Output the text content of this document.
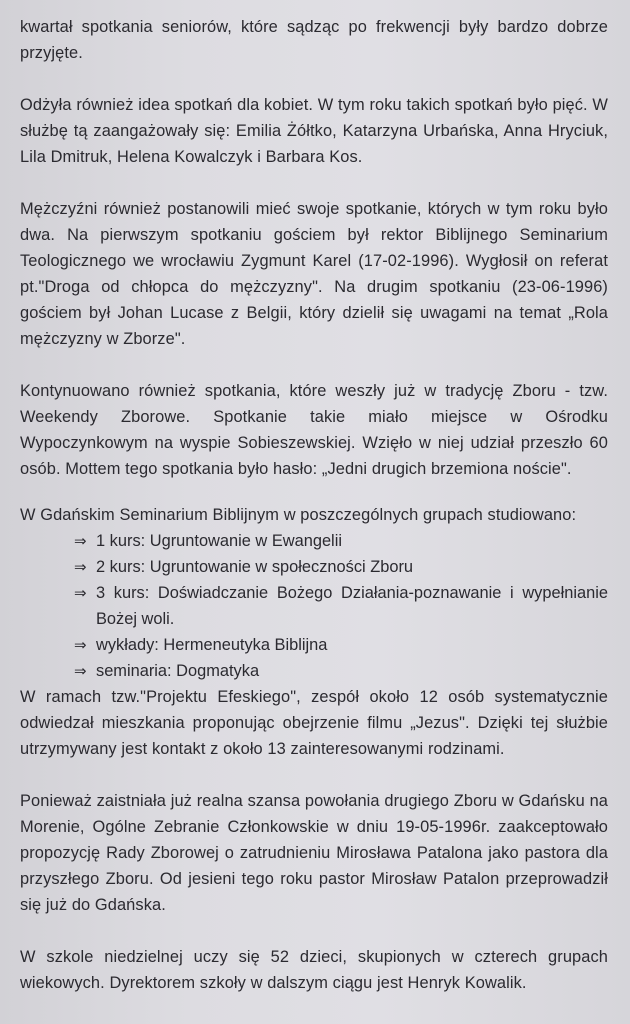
kwartał spotkania seniorów, które sądząc po frekwencji były bardzo dobrze przyjęte.

Odżyła również idea spotkań dla kobiet. W tym roku takich spotkań było pięć. W służbę tą zaangażowały się: Emilia Żółtko, Katarzyna Urbańska, Anna Hryciuk, Lila Dmitruk, Helena Kowalczyk i Barbara Kos.

Mężczyźni również postanowili mieć swoje spotkanie, których w tym roku było dwa. Na pierwszym spotkaniu gościem był rektor Biblijnego Seminarium Teologicznego we wrocławiu Zygmunt Karel (17-02-1996). Wygłosił on referat pt."Droga od chłopca do mężczyzny". Na drugim spotkaniu (23-06-1996) gościem był Johan Lucase z Belgii, który dzielił się uwagami na temat „Rola mężczyzny w Zborze".

Kontynuowano również spotkania, które weszły już w tradycję Zboru - tzw. Weekendy Zborowe. Spotkanie takie miało miejsce w Ośrodku Wypoczynkowym na wyspie Sobieszewskiej. Wzięło w niej udział przeszło 60 osób. Mottem tego spotkania było hasło: „Jedni drugich brzemiona noście".

W Gdańskim Seminarium Biblijnym w poszczególnych grupach studiowano:

⇒ 1 kurs: Ugruntowanie w Ewangelii
⇒ 2 kurs: Ugruntowanie w społeczności Zboru
⇒ 3 kurs: Doświadczanie Bożego Działania-poznawanie i wypełnianie Bożej woli.
⇒ wykłady: Hermeneutyka Biblijna
⇒ seminaria: Dogmatyka

W ramach tzw."Projektu Efeskiego", zespół około 12 osób systematycznie odwiedzał mieszkania proponując obejrzenie filmu „Jezus". Dzięki tej służbie utrzymywany jest kontakt z około 13 zainteresowanymi rodzinami.

Ponieważ zaistniała już realna szansa powołania drugiego Zboru w Gdańsku na Morenie, Ogólne Zebranie Członkowskie w dniu 19-05-1996r. zaakceptowało propozycję Rady Zborowej o zatrudnieniu Mirosława Patalona jako pastora dla przyszłego Zboru. Od jesieni tego roku pastor Mirosław Patalon przeprowadził się już do Gdańska.

W szkole niedzielnej uczy się 52 dzieci, skupionych w czterech grupach wiekowych. Dyrektorem szkoły w dalszym ciągu jest Henryk Kowalik.
